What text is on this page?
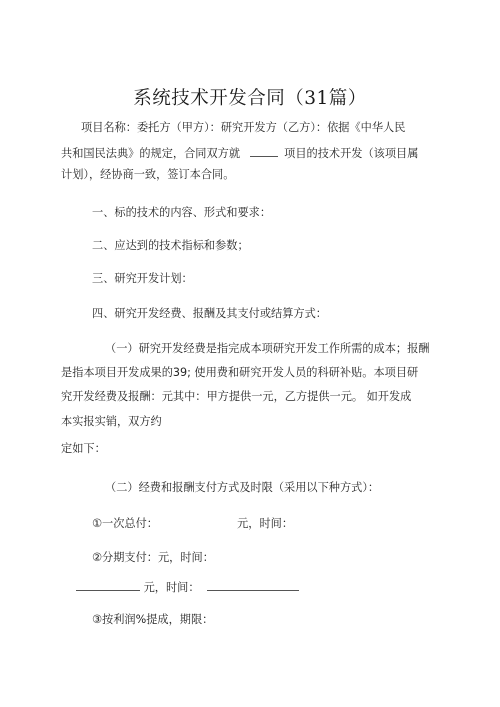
系统技术开发合同（31篇）
项目名称：委托方（甲方）：研究开发方（乙方）：依据《中华人民
共和国民法典》的规定，合同双方就	项目的技术开发（该项目属
计划），经协商一致，签订本合同。
一、标的技术的内容、形式和要求：
二、应达到的技术指标和参数；
三、研究开发计划：
四、研究开发经费、报酬及其支付或结算方式：
（一）研究开发经费是指完成本项研究开发工作所需的成本；报酬
是指本项目开发成果的39; 使用费和研究开发人员的科研补贴。本项目研
究开发经费及报酬：元其中：甲方提供一元，乙方提供一元。 如开发成
本实报实销，双方约
定如下：
（二）经费和报酬支付方式及时限（采用以下种方式）：
①一次总付：	元，时间：
②分期支付：元，时间：
元，时间：
③按利润%提成，期限：
